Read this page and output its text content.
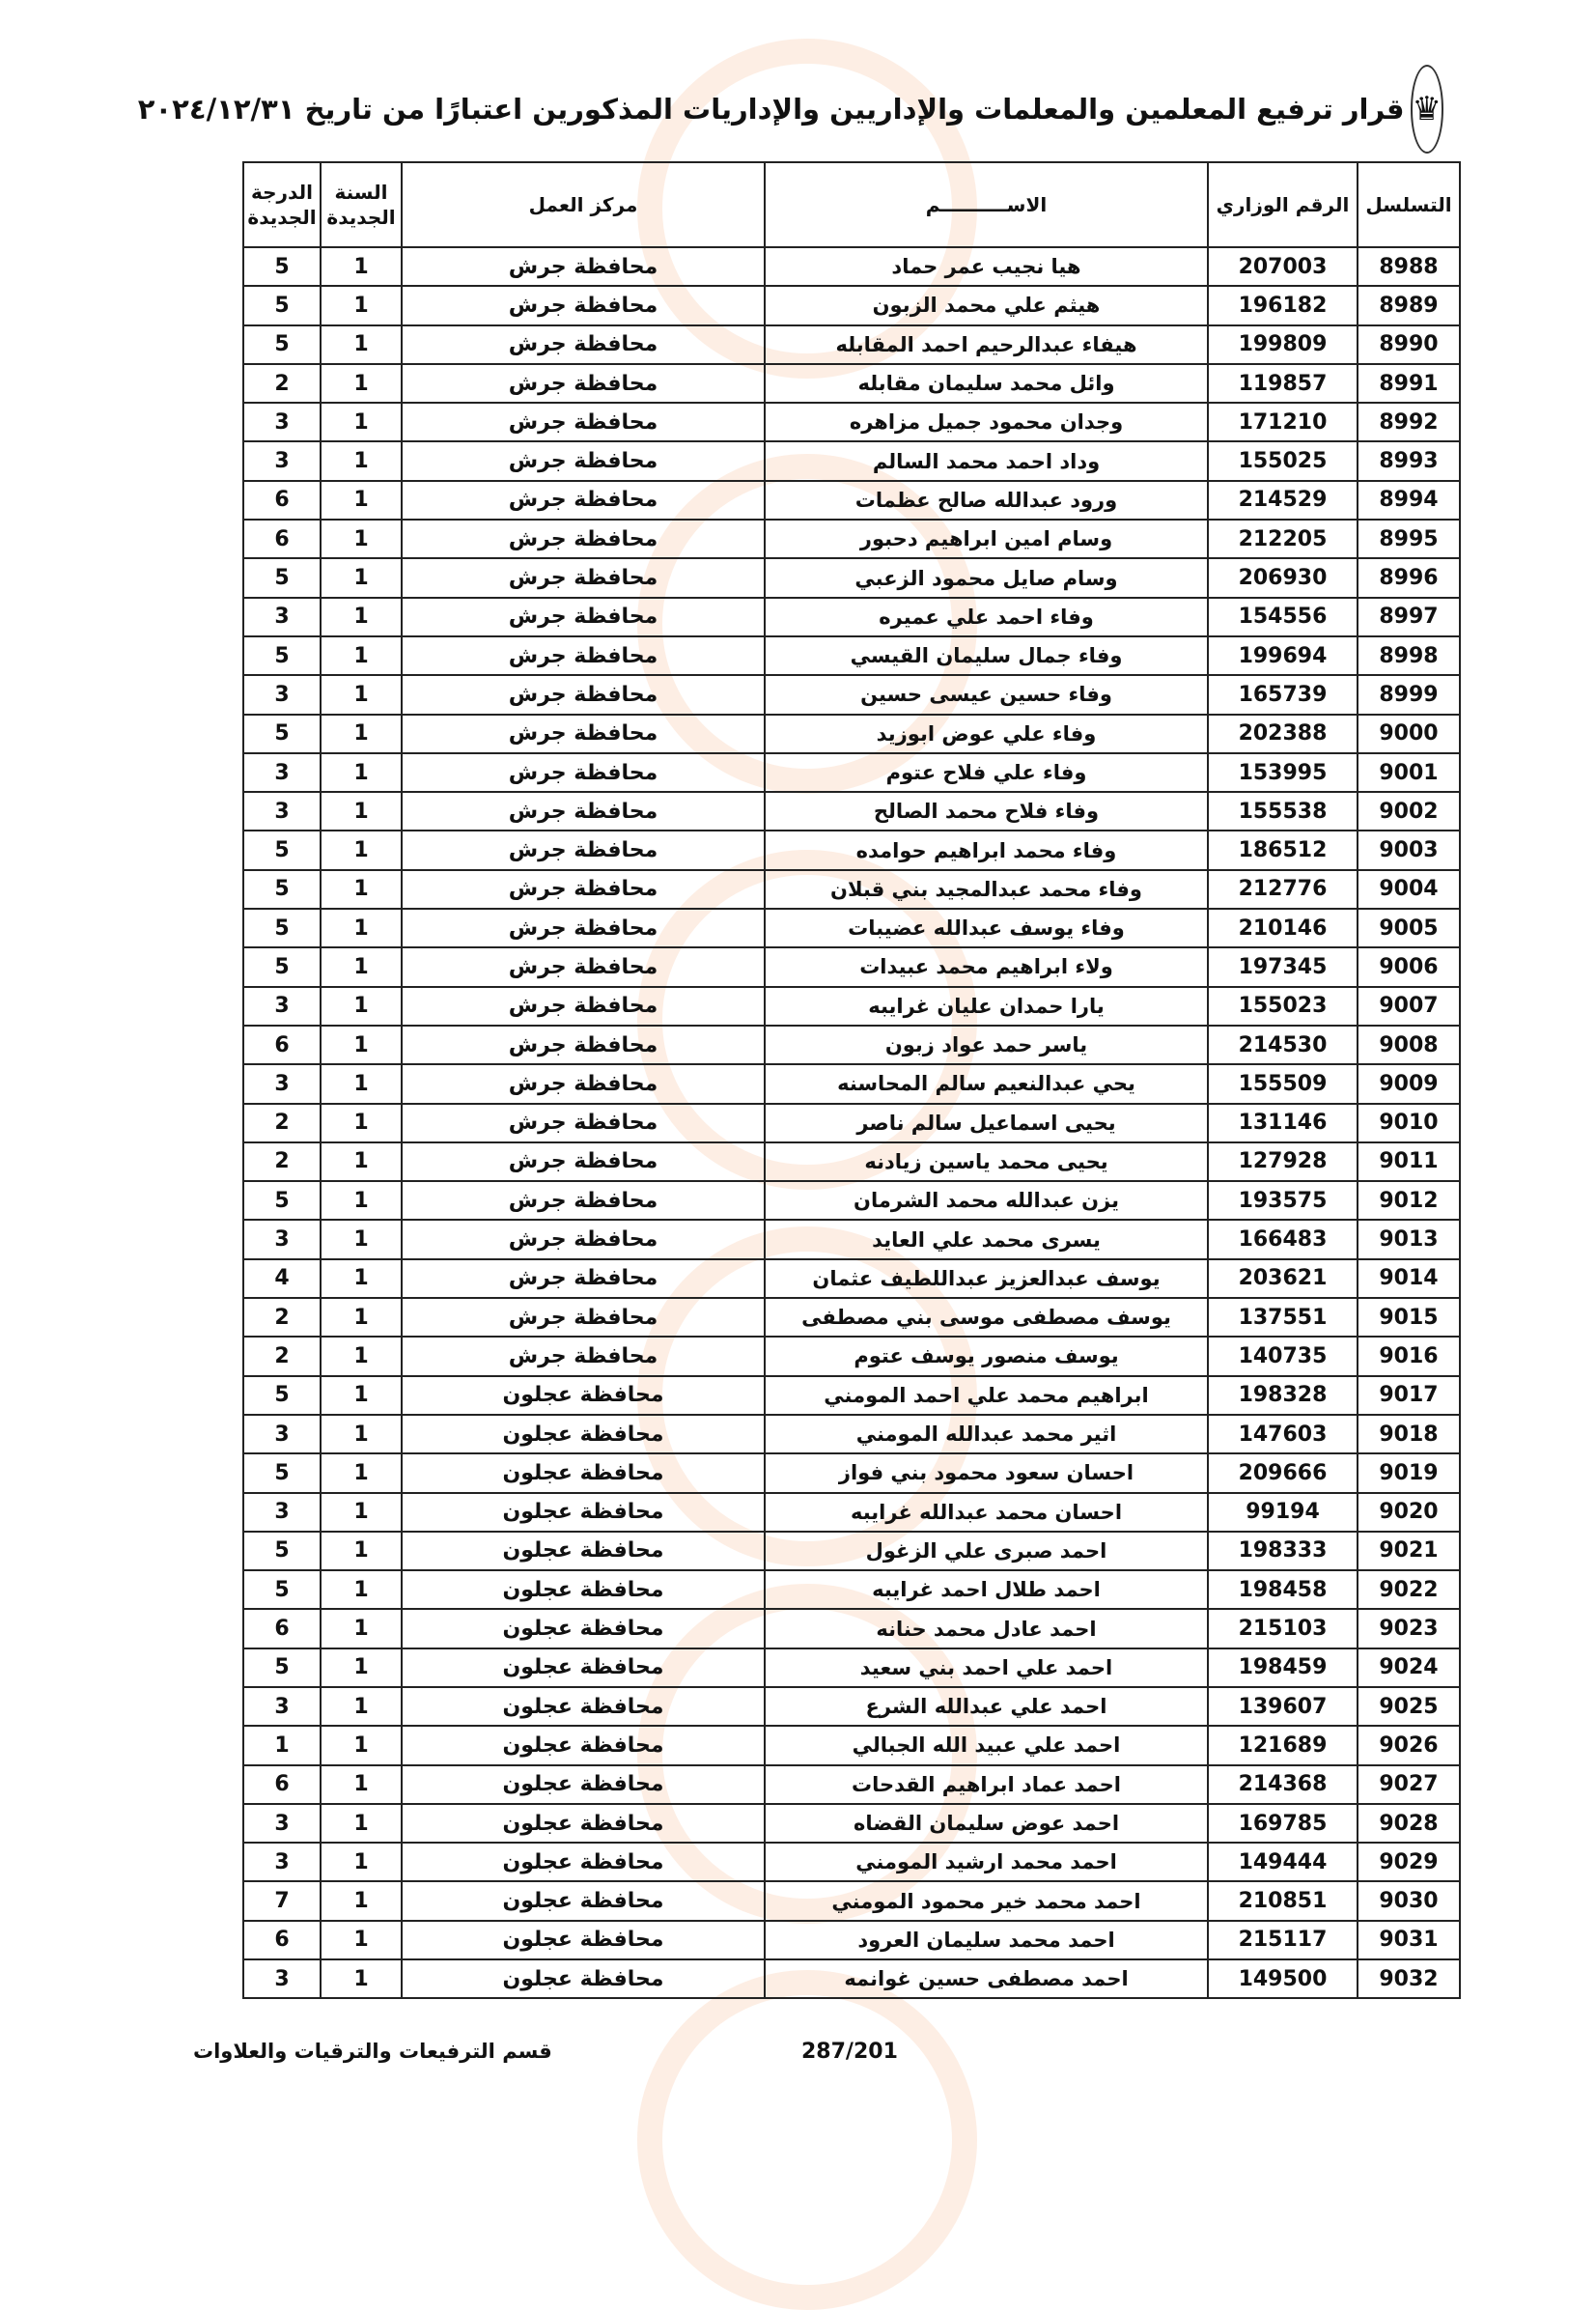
قرار ترفيع المعلمين والمعلمات والإداريين والإداريات المذكورين اعتبارًا من تاريخ ٢٠٢٤/١٢/٣١ ♛
التسلسل	الرقم الوزاري	الاســــــــــم	مركز العمل	السنة الجديدة	الدرجة الجديدة
8988	207003	هيا نجيب عمر حماد	محافظة جرش	1	5
8989	196182	هيثم علي محمد الزبون	محافظة جرش	1	5
8990	199809	هيفاء عبدالرحيم احمد المقابله	محافظة جرش	1	5
8991	119857	وائل محمد سليمان مقابله	محافظة جرش	1	2
8992	171210	وجدان محمود جميل مزاهره	محافظة جرش	1	3
8993	155025	وداد احمد محمد السالم	محافظة جرش	1	3
8994	214529	ورود عبدالله صالح عظمات	محافظة جرش	1	6
8995	212205	وسام امين ابراهيم دحبور	محافظة جرش	1	6
8996	206930	وسام صايل محمود الزعبي	محافظة جرش	1	5
8997	154556	وفاء احمد علي عميره	محافظة جرش	1	3
8998	199694	وفاء جمال سليمان القيسي	محافظة جرش	1	5
8999	165739	وفاء حسين عيسى حسين	محافظة جرش	1	3
9000	202388	وفاء علي عوض ابوزيد	محافظة جرش	1	5
9001	153995	وفاء علي فلاح عتوم	محافظة جرش	1	3
9002	155538	وفاء فلاح محمد الصالح	محافظة جرش	1	3
9003	186512	وفاء محمد ابراهيم حوامده	محافظة جرش	1	5
9004	212776	وفاء محمد عبدالمجيد بني قبلان	محافظة جرش	1	5
9005	210146	وفاء يوسف عبدالله عضيبات	محافظة جرش	1	5
9006	197345	ولاء ابراهيم محمد عبيدات	محافظة جرش	1	5
9007	155023	يارا حمدان عليان غرايبه	محافظة جرش	1	3
9008	214530	ياسر حمد عواد زبون	محافظة جرش	1	6
9009	155509	يحي عبدالنعيم سالم المحاسنه	محافظة جرش	1	3
9010	131146	يحيى اسماعيل سالم ناصر	محافظة جرش	1	2
9011	127928	يحيى محمد ياسين زيادنه	محافظة جرش	1	2
9012	193575	يزن عبدالله محمد الشرمان	محافظة جرش	1	5
9013	166483	يسرى محمد علي العايد	محافظة جرش	1	3
9014	203621	يوسف عبدالعزيز عبداللطيف عثمان	محافظة جرش	1	4
9015	137551	يوسف مصطفى موسى بني مصطفى	محافظة جرش	1	2
9016	140735	يوسف منصور يوسف عتوم	محافظة جرش	1	2
9017	198328	ابراهيم محمد علي احمد المومني	محافظة عجلون	1	5
9018	147603	اثير محمد عبدالله المومني	محافظة عجلون	1	3
9019	209666	احسان سعود محمود بني فواز	محافظة عجلون	1	5
9020	99194	احسان محمد عبدالله غرايبه	محافظة عجلون	1	3
9021	198333	احمد صبرى علي الزغول	محافظة عجلون	1	5
9022	198458	احمد طلال احمد غرايبه	محافظة عجلون	1	5
9023	215103	احمد عادل محمد حنانه	محافظة عجلون	1	6
9024	198459	احمد علي احمد بني سعيد	محافظة عجلون	1	5
9025	139607	احمد علي عبدالله الشرع	محافظة عجلون	1	3
9026	121689	احمد علي عبيد الله الجبالي	محافظة عجلون	1	1
9027	214368	احمد عماد ابراهيم القدحات	محافظة عجلون	1	6
9028	169785	احمد عوض سليمان القضاه	محافظة عجلون	1	3
9029	149444	احمد محمد ارشيد المومني	محافظة عجلون	1	3
9030	210851	احمد محمد خير محمود المومني	محافظة عجلون	1	7
9031	215117	احمد محمد سليمان العرود	محافظة عجلون	1	6
9032	149500	احمد مصطفى حسين غوانمه	محافظة عجلون	1	3
287/201
قسم الترفيعات والترقيات والعلاوات
